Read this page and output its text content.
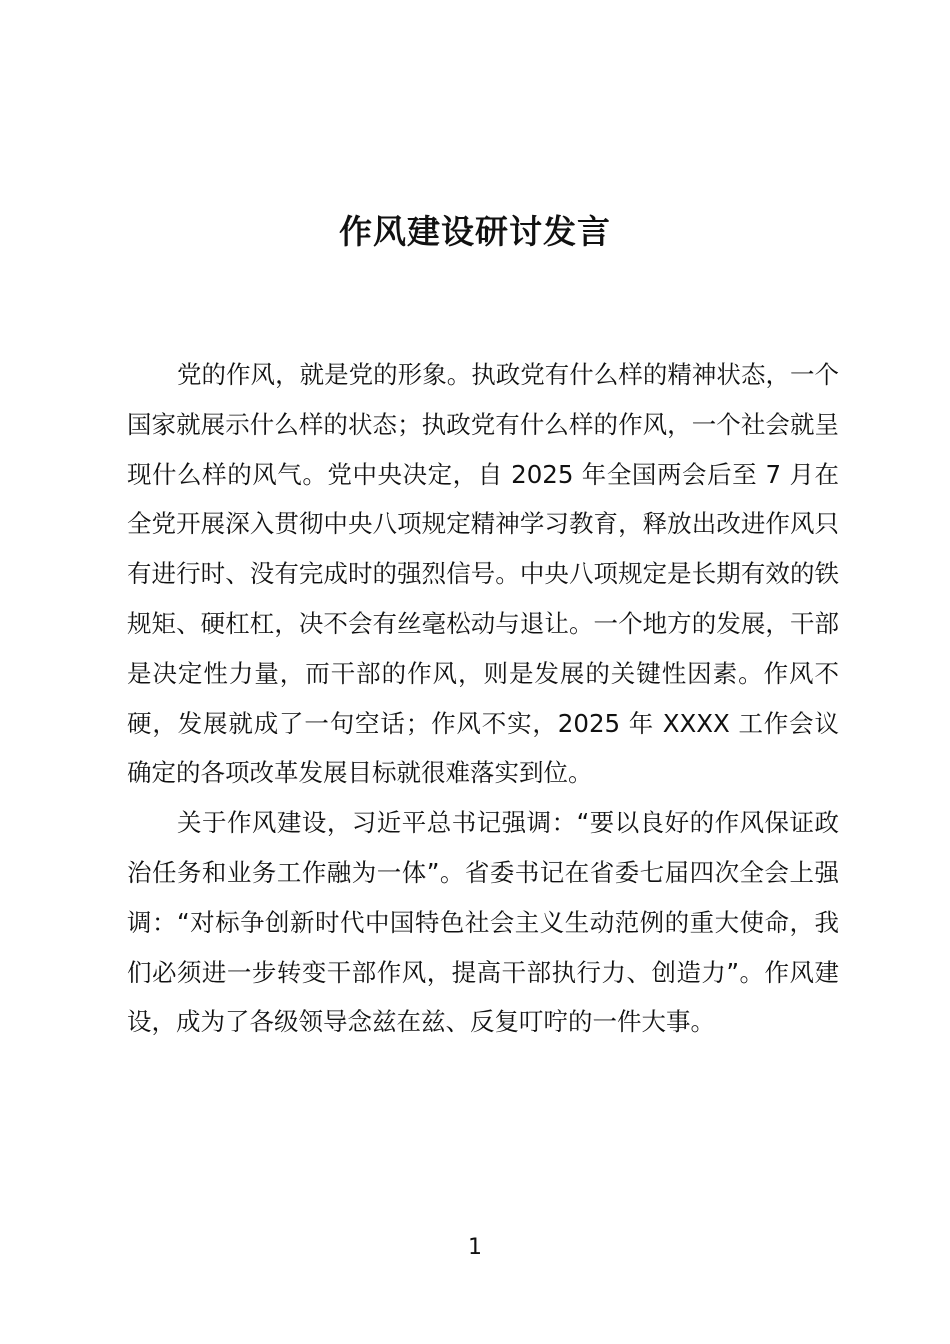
作风建设研讨发言

党的作风，就是党的形象。执政党有什么样的精神状态，一个国家就展示什么样的状态；执政党有什么样的作风，一个社会就呈现什么样的风气。党中央决定，自 2025 年全国两会后至 7 月在全党开展深入贯彻中央八项规定精神学习教育，释放出改进作风只有进行时、没有完成时的强烈信号。中央八项规定是长期有效的铁规矩、硬杠杠，决不会有丝毫松动与退让。一个地方的发展，干部是决定性力量，而干部的作风，则是发展的关键性因素。作风不硬，发展就成了一句空话；作风不实，2025 年 XXXX 工作会议确定的各项改革发展目标就很难落实到位。

关于作风建设，习近平总书记强调：“要以良好的作风保证政治任务和业务工作融为一体”。省委书记在省委七届四次全会上强调：“对标争创新时代中国特色社会主义生动范例的重大使命，我们必须进一步转变干部作风，提高干部执行力、创造力”。作风建设，成为了各级领导念兹在兹、反复叮咛的一件大事。

1
